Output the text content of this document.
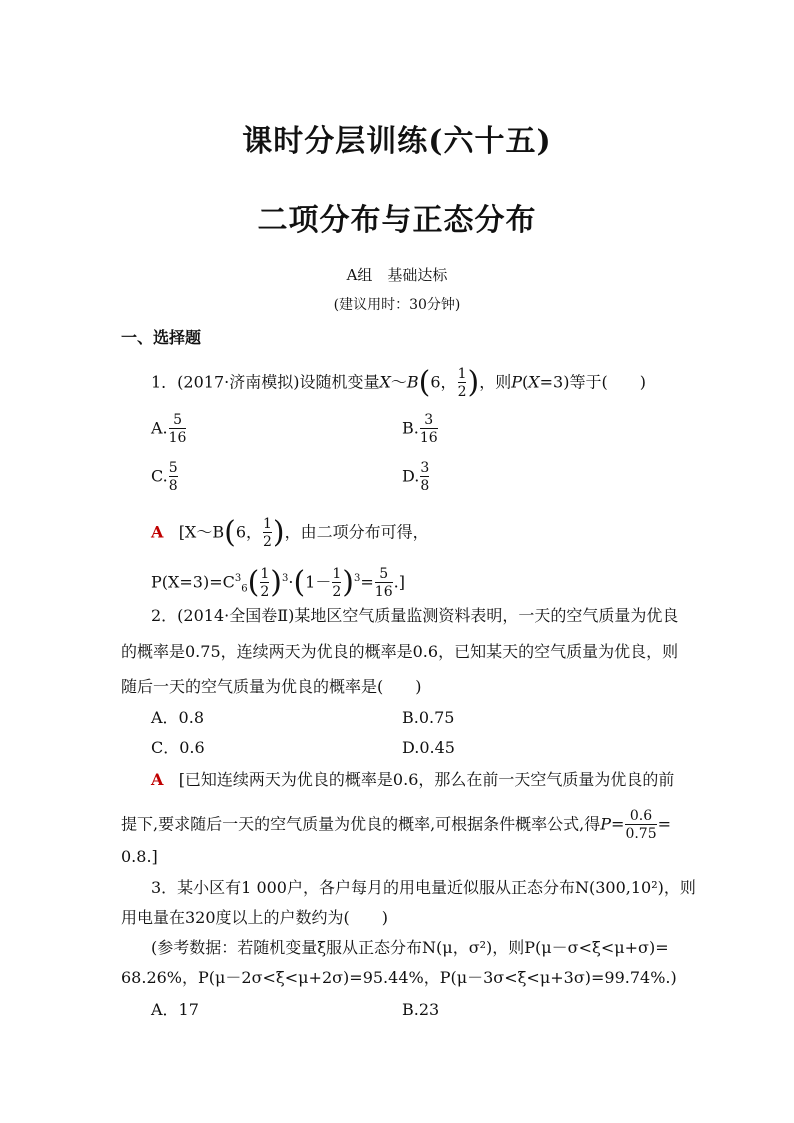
课时分层训练(六十五)
二项分布与正态分布
A组　基础达标
(建议用时：30分钟)
一、选择题
1．(2017·济南模拟)设随机变量X～B(6， $\frac{1}{2}$ )，则P(X=3)等于(　　)
A. $\frac{5}{16}$	B. $\frac{3}{16}$
C. $\frac{5}{8}$	D. $\frac{3}{8}$
A [X～B(6， $\frac{1}{2}$ )，由二项分布可得，
$P(X=3)=C^3_6( \frac{1}{2} )^3\cdot(1- \frac{1}{2} )^3= \frac{5}{16}$ .]
2．(2014·全国卷Ⅱ)某地区空气质量监测资料表明，一天的空气质量为优良
的概率是0.75，连续两天为优良的概率是0.6，已知某天的空气质量为优良，则
随后一天的空气质量为优良的概率是(　　)
A．0.8	B.0.75
C．0.6	D.0.45
A [已知连续两天为优良的概率是0.6，那么在前一天空气质量为优良的前
提下,要求随后一天的空气质量为优良的概率,可根据条件概率公式,得$P= \frac{0.6}{0.75}$ =
0.8.]
3．某小区有1 000户，各户每月的用电量近似服从正态分布N(300,10²)，则
用电量在320度以上的户数约为(　　)
(参考数据：若随机变量ξ服从正态分布N(μ，σ²)，则P(μ－σ<ξ<μ+σ)=
68.26%，P(μ－2σ<ξ<μ+2σ)=95.44%，P(μ－3σ<ξ<μ+3σ)=99.74%.)
A．17	B.23
